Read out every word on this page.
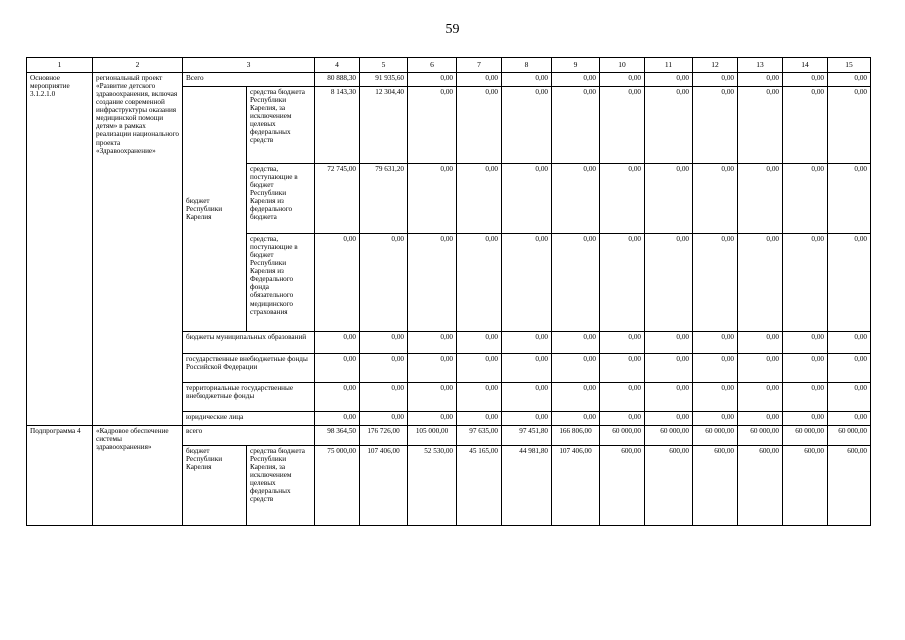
59
1	2	3		4	5	6	7	8	9	10	11	12	13	14	15
Основное мероприятие 3.1.2.1.0	региональный проект «Развитие детского здравоохранения, включая создание современной инфраструктуры оказания медицинской помощи детям» в рамках реализации национального проекта «Здравоохранение»	Всего		80 888,30	91 935,60	0,00	0,00	0,00	0,00	0,00	0,00	0,00	0,00	0,00	0,00
		бюджет Республики Карелия	средства бюджета Республики Карелия, за исключением целевых федеральных средств	8 143,30	12 304,40	0,00	0,00	0,00	0,00	0,00	0,00	0,00	0,00	0,00	0,00
			средства, поступающие в бюджет Республики Карелия из федерального бюджета	72 745,00	79 631,20	0,00	0,00	0,00	0,00	0,00	0,00	0,00	0,00	0,00	0,00
			средства, поступающие в бюджет Республики Карелия из Федерального фонда обязательного медицинского страхования	0,00	0,00	0,00	0,00	0,00	0,00	0,00	0,00	0,00	0,00	0,00	0,00
		бюджеты муниципальных образований		0,00	0,00	0,00	0,00	0,00	0,00	0,00	0,00	0,00	0,00	0,00	0,00
		государственные внебюджетные фонды Российской Федерации		0,00	0,00	0,00	0,00	0,00	0,00	0,00	0,00	0,00	0,00	0,00	0,00
		территориальные государственные внебюджетные фонды		0,00	0,00	0,00	0,00	0,00	0,00	0,00	0,00	0,00	0,00	0,00	0,00
		юридические лица		0,00	0,00	0,00	0,00	0,00	0,00	0,00	0,00	0,00	0,00	0,00	0,00
Подпрограмма 4	«Кадровое обеспечение системы здравоохранения»	всего		98 364,50	176 726,00	105 000,00	97 635,00	97 451,80	166 806,00	60 000,00	60 000,00	60 000,00	60 000,00	60 000,00	60 000,00
		бюджет Республики Карелия	средства бюджета Республики Карелия, за исключением целевых федеральных средств	75 000,00	107 406,00	52 530,00	45 165,00	44 981,80	107 406,00	600,00	600,00	600,00	600,00	600,00	600,00
